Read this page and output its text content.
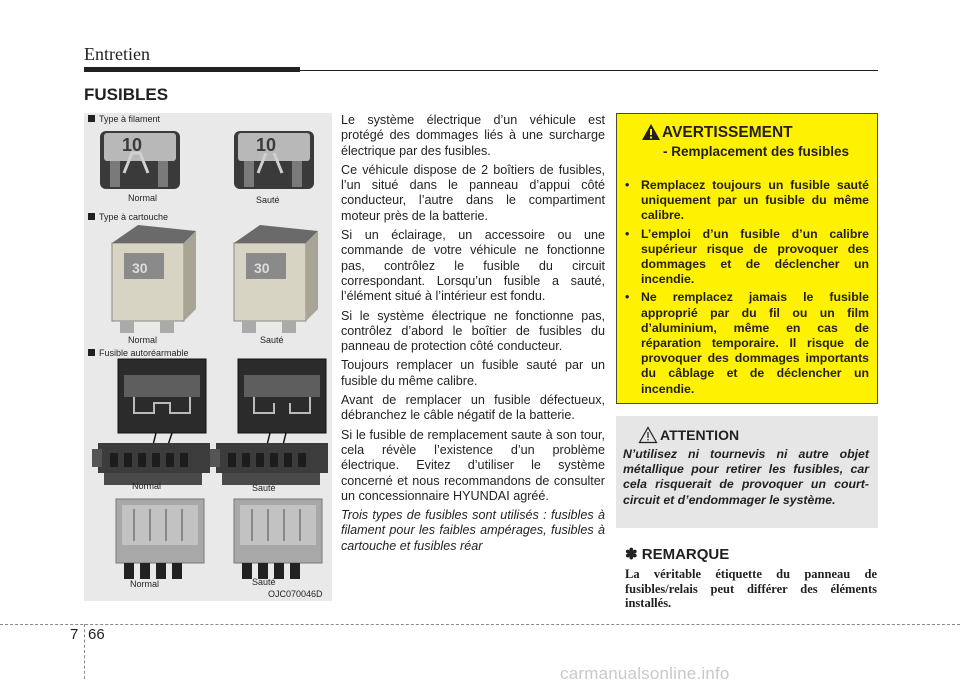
Entretien
FUSIBLES
10	10
30	30
Type à filament
Normal	Sauté
Type à cartouche
Normal	Sauté
Fusible autoréarmable
Normal	Sauté
Normal	Sauté
OJC070046D

Le système électrique d’un véhicule est protégé des dommages liés à une surcharge électrique par des fusibles.

Ce véhicule dispose de 2 boîtiers de fusibles, l’un situé dans le panneau d’appui côté conducteur, l’autre dans le compartiment moteur près de la batterie.

Si un éclairage, un accessoire ou une commande de votre véhicule ne fonctionne pas, contrôlez le fusible du circuit correspondant. Lorsqu’un fusible a sauté, l’élément situé à l’intérieur est fondu.

Si le système électrique ne fonctionne pas, contrôlez d’abord le boîtier de fusibles du panneau de protection côté conducteur.

Toujours remplacer un fusible sauté par un fusible du même calibre.

Avant de remplacer un fusible défectueux, débranchez le câble négatif de la batterie.

Si le fusible de remplacement saute à son tour, cela révèle l’existence d’un problème électrique. Evitez d’utiliser le système concerné et nous recommandons de consulter un concessionnaire HYUNDAI agréé.

Trois types de fusibles sont utilisés : fusibles à filament pour les faibles ampérages, fusibles à cartouche et fusibles réar

AVERTISSEMENT
- Remplacement des fusibles
• Remplacez toujours un fusible sauté uniquement par un fusible du même calibre.
• L’emploi d’un fusible d’un calibre supérieur risque de provoquer des dommages et de déclencher un incendie.
• Ne remplacez jamais le fusible approprié par du fil ou un film d’aluminium, même en cas de réparation temporaire. Il risque de provoquer des dommages importants du câblage et de déclencher un incendie.
ATTENTION
N’utilisez ni tournevis ni autre objet métallique pour retirer les fusibles, car cela risquerait de provoquer un court-circuit et d’endommager le système.
✽ REMARQUE
La véritable étiquette du panneau de fusibles/relais peut différer des éléments installés.
7 66
carmanualsonline.info
